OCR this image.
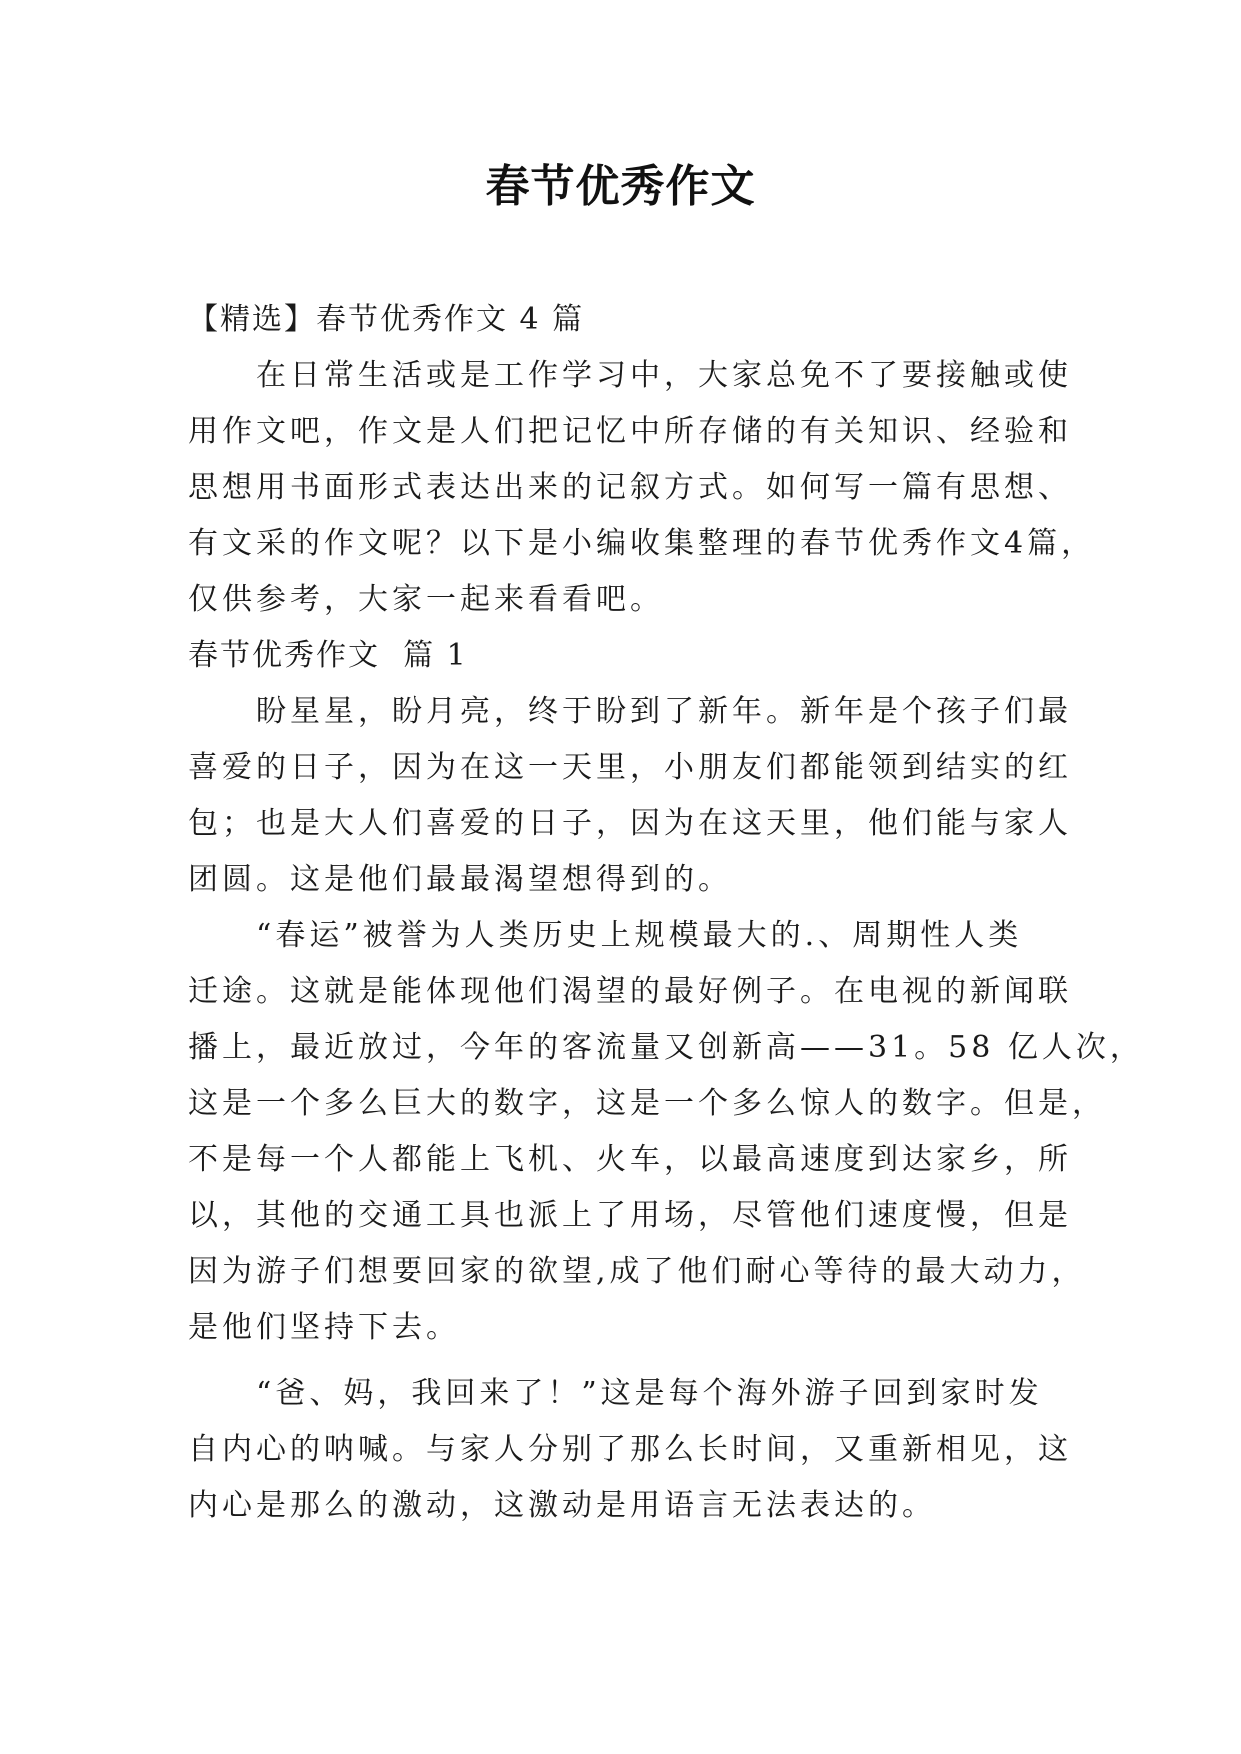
春节优秀作文
【精选】春节优秀作文 4 篇
在日常生活或是工作学习中，大家总免不了要接触或使
用作文吧，作文是人们把记忆中所存储的有关知识、经验和
思想用书面形式表达出来的记叙方式。如何写一篇有思想、
有文采的作文呢？以下是小编收集整理的春节优秀作文4篇，
仅供参考，大家一起来看看吧。
春节优秀作文  篇 1
盼星星，盼月亮，终于盼到了新年。新年是个孩子们最
喜爱的日子，因为在这一天里，小朋友们都能领到结实的红
包；也是大人们喜爱的日子，因为在这天里，他们能与家人
团圆。这是他们最最渴望想得到的。
“春运”被誉为人类历史上规模最大的.、周期性人类
迁途。这就是能体现他们渴望的最好例子。在电视的新闻联
播上，最近放过，今年的客流量又创新高——31。58 亿人次，
这是一个多么巨大的数字，这是一个多么惊人的数字。但是，
不是每一个人都能上飞机、火车，以最高速度到达家乡，所
以，其他的交通工具也派上了用场，尽管他们速度慢，但是
因为游子们想要回家的欲望,成了他们耐心等待的最大动力，
是他们坚持下去。
“爸、妈，我回来了！”这是每个海外游子回到家时发
自内心的呐喊。与家人分别了那么长时间，又重新相见，这
内心是那么的激动，这激动是用语言无法表达的。
